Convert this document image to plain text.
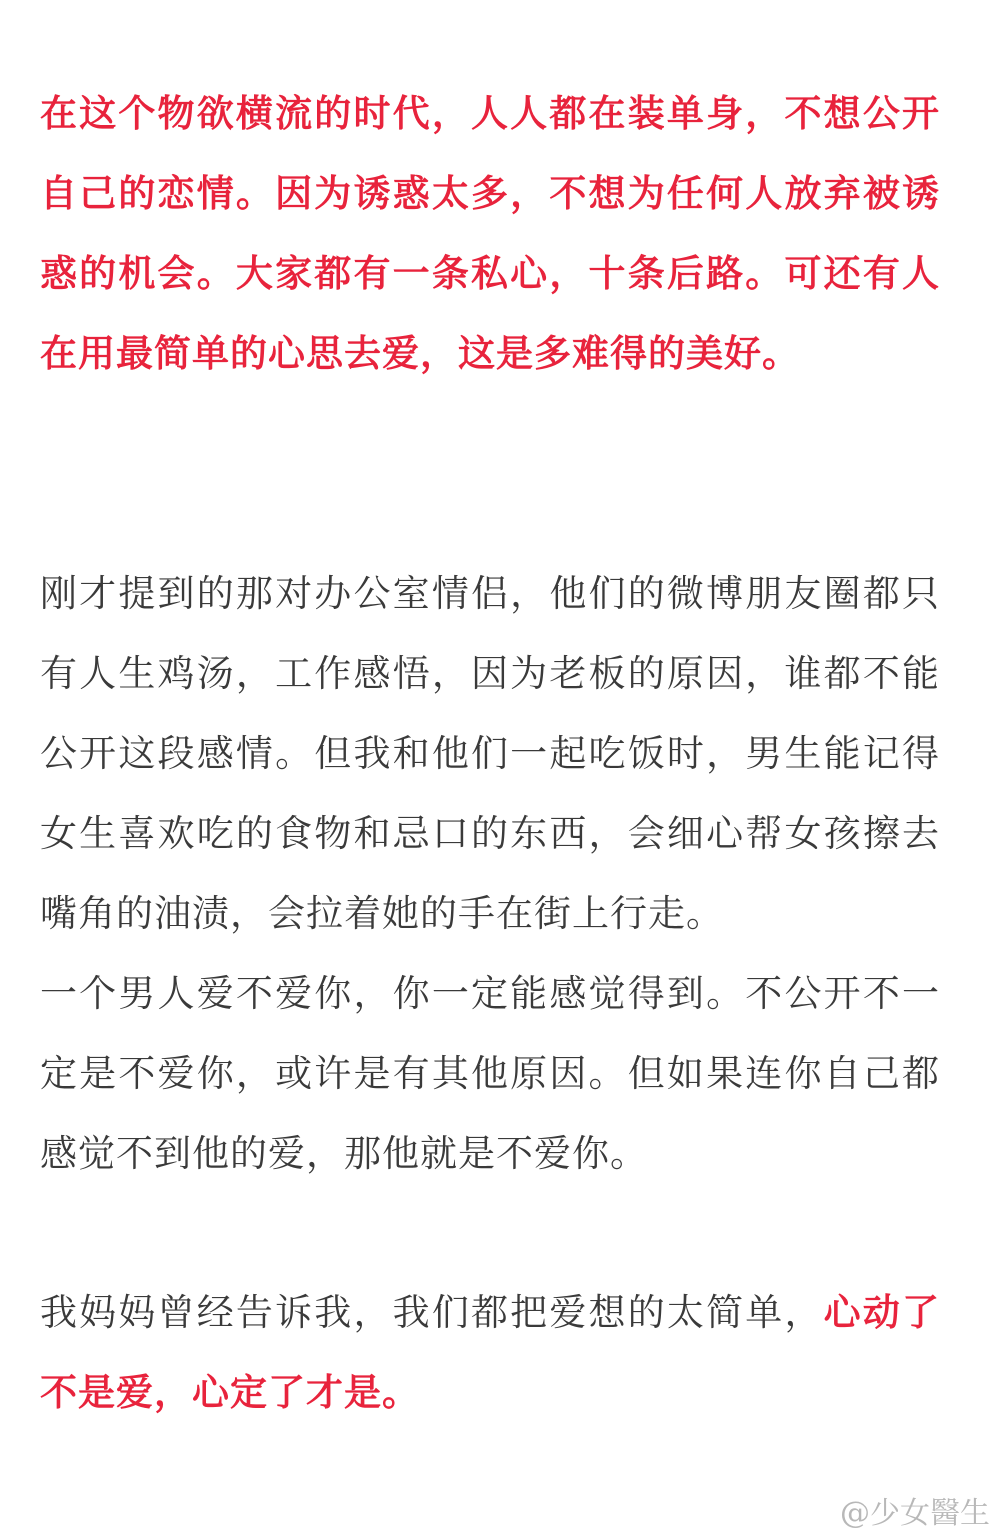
在这个物欲横流的时代，人人都在装单身，不想公开自己的恋情。因为诱惑太多，不想为任何人放弃被诱惑的机会。大家都有一条私心，十条后路。可还有人在用最简单的心思去爱，这是多难得的美好。

刚才提到的那对办公室情侣，他们的微博朋友圈都只有人生鸡汤，工作感悟，因为老板的原因，谁都不能公开这段感情。但我和他们一起吃饭时，男生能记得女生喜欢吃的食物和忌口的东西，会细心帮女孩擦去嘴角的油渍，会拉着她的手在街上行走。

一个男人爱不爱你，你一定能感觉得到。不公开不一定是不爱你，或许是有其他原因。但如果连你自己都感觉不到他的爱，那他就是不爱你。

我妈妈曾经告诉我，我们都把爱想的太简单，心动了不是爱，心定了才是。

@少女醫生
